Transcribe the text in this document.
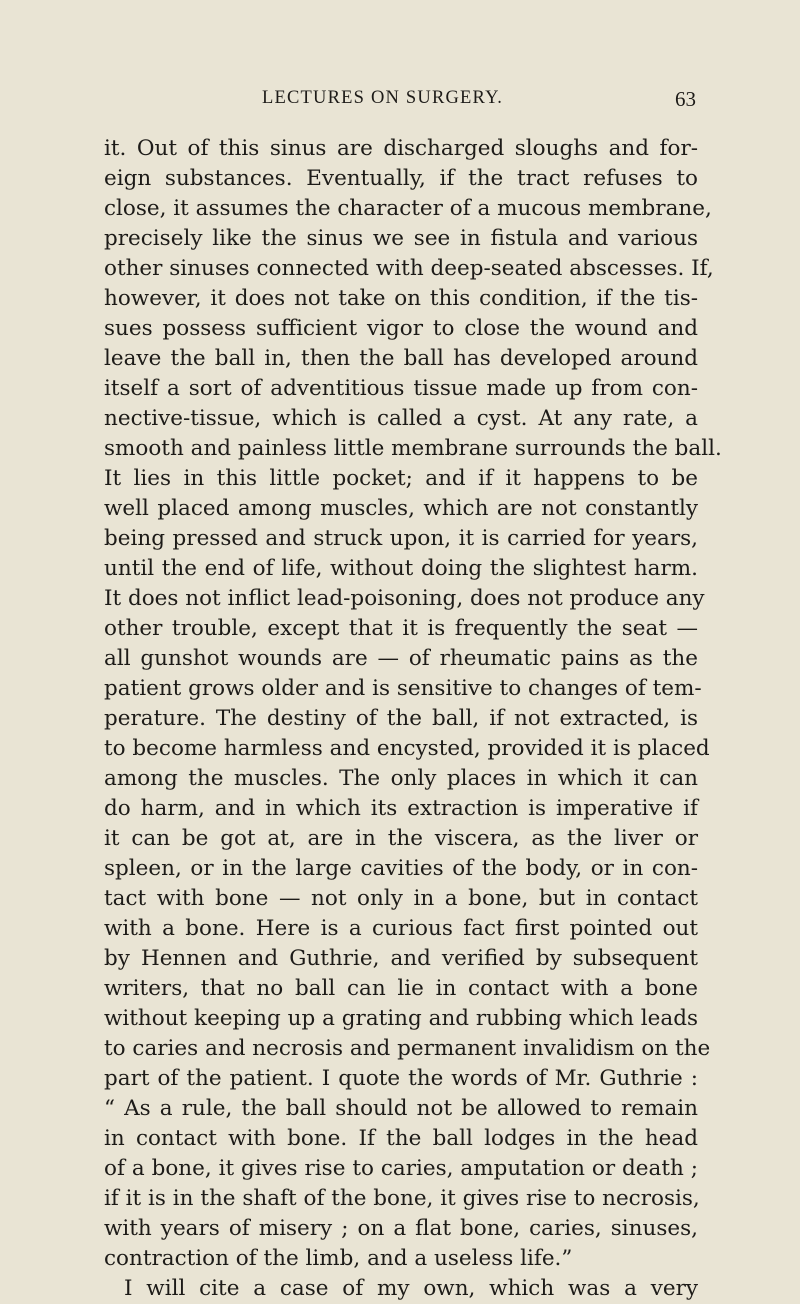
LECTURES ON SURGERY.	63
it. Out of this sinus are discharged sloughs and for-
eign substances. Eventually, if the tract refuses to
close, it assumes the character of a mucous membrane,
precisely like the sinus we see in fistula and various
other sinuses connected with deep-seated abscesses. If,
however, it does not take on this condition, if the tis-
sues possess sufficient vigor to close the wound and
leave the ball in, then the ball has developed around
itself a sort of adventitious tissue made up from con-
nective-tissue, which is called a cyst. At any rate, a
smooth and painless little membrane surrounds the ball.
It lies in this little pocket; and if it happens to be
well placed among muscles, which are not constantly
being pressed and struck upon, it is carried for years,
until the end of life, without doing the slightest harm.
It does not inflict lead-poisoning, does not produce any
other trouble, except that it is frequently the seat —
all gunshot wounds are — of rheumatic pains as the
patient grows older and is sensitive to changes of tem-
perature. The destiny of the ball, if not extracted, is
to become harmless and encysted, provided it is placed
among the muscles. The only places in which it can
do harm, and in which its extraction is imperative if
it can be got at, are in the viscera, as the liver or
spleen, or in the large cavities of the body, or in con-
tact with bone — not only in a bone, but in contact
with a bone. Here is a curious fact first pointed out
by Hennen and Guthrie, and verified by subsequent
writers, that no ball can lie in contact with a bone
without keeping up a grating and rubbing which leads
to caries and necrosis and permanent invalidism on the
part of the patient. I quote the words of Mr. Guthrie :
“ As a rule, the ball should not be allowed to remain
in contact with bone. If the ball lodges in the head
of a bone, it gives rise to caries, amputation or death ;
if it is in the shaft of the bone, it gives rise to necrosis,
with years of misery ; on a flat bone, caries, sinuses,
contraction of the limb, and a useless life.”
I will cite a case of my own, which was a very
